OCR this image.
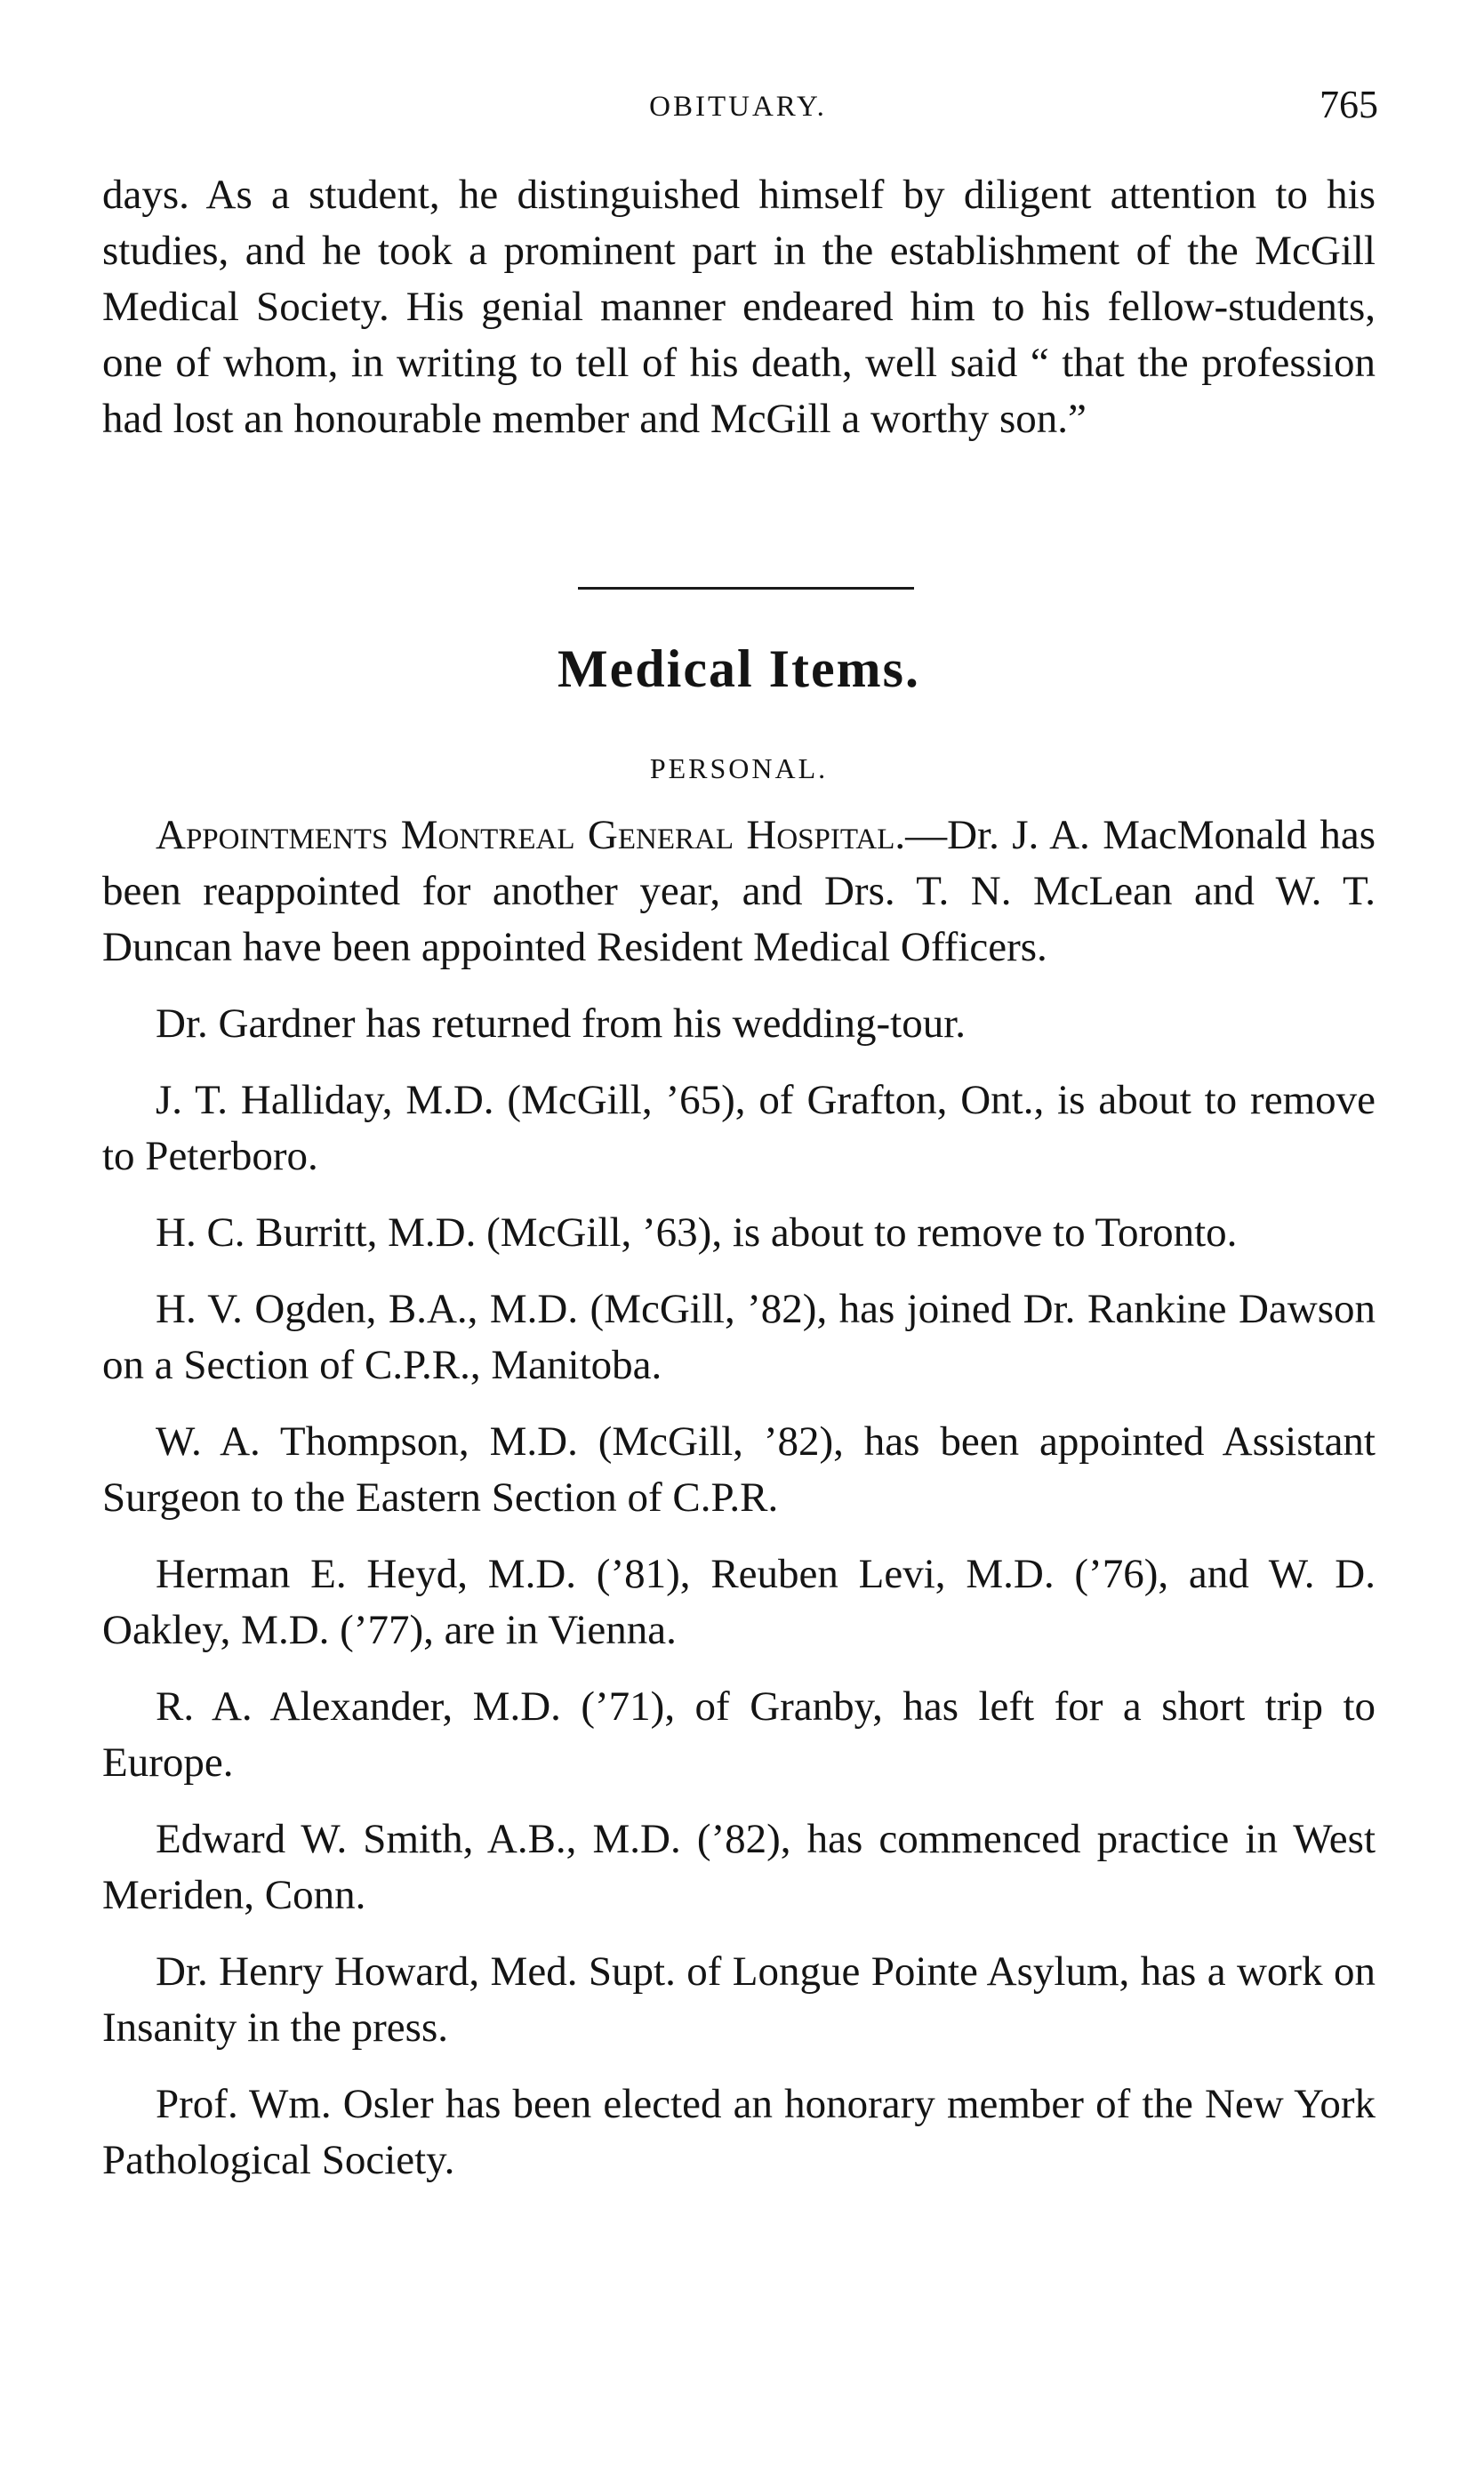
OBITUARY.	765

days. As a student, he distinguished himself by diligent attention to his studies, and he took a prominent part in the establishment of the McGill Medical Society. His genial manner endeared him to his fellow-students, one of whom, in writing to tell of his death, well said “ that the profession had lost an honourable member and McGill a worthy son.”

Medical Items.
PERSONAL.

Appointments Montreal General Hospital.—Dr. J. A. MacMonald has been reappointed for another year, and Drs. T. N. McLean and W. T. Duncan have been appointed Resident Medical Officers.

Dr. Gardner has returned from his wedding-tour.

J. T. Halliday, M.D. (McGill, ’65), of Grafton, Ont., is about to remove to Peterboro.

H. C. Burritt, M.D. (McGill, ’63), is about to remove to Toronto.

H. V. Ogden, B.A., M.D. (McGill, ’82), has joined Dr. Rankine Dawson on a Section of C.P.R., Manitoba.

W. A. Thompson, M.D. (McGill, ’82), has been appointed Assistant Surgeon to the Eastern Section of C.P.R.

Herman E. Heyd, M.D. (’81), Reuben Levi, M.D. (’76), and W. D. Oakley, M.D. (’77), are in Vienna.

R. A. Alexander, M.D. (’71), of Granby, has left for a short trip to Europe.

Edward W. Smith, A.B., M.D. (’82), has commenced practice in West Meriden, Conn.

Dr. Henry Howard, Med. Supt. of Longue Pointe Asylum, has a work on Insanity in the press.

Prof. Wm. Osler has been elected an honorary member of the New York Pathological Society.
